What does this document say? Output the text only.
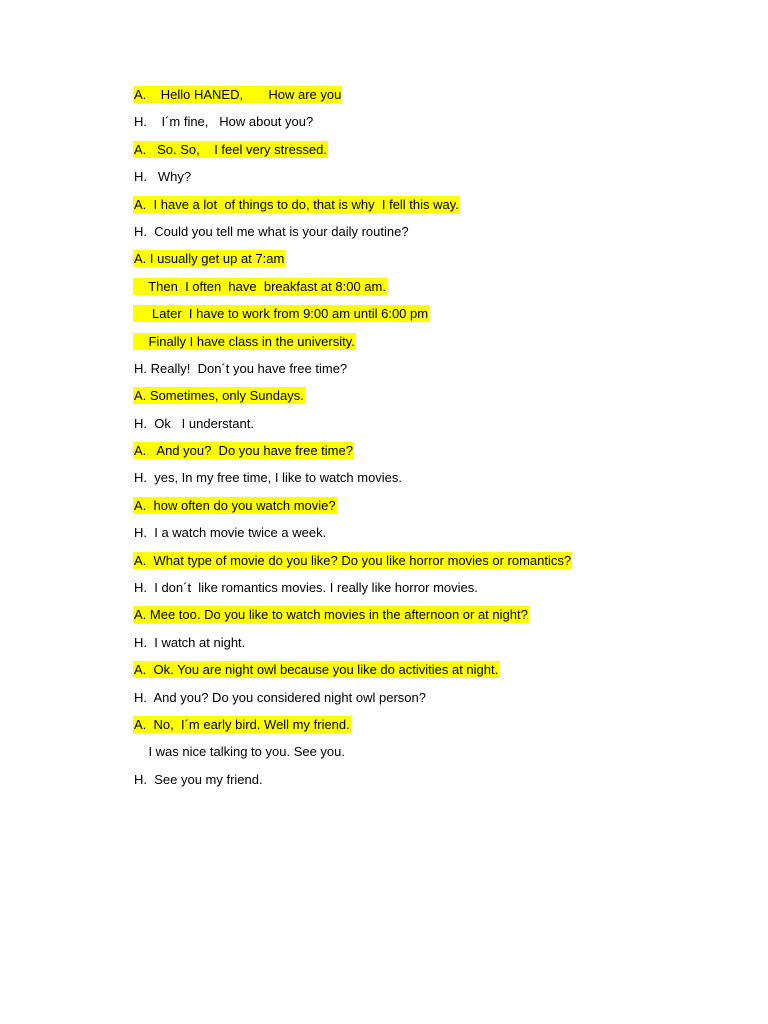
A.    Hello HANED,       How are you
H.    I´m fine,   How about you?
A.   So. So,    I feel very stressed.
H.   Why?
A.  I have a lot  of things to do, that is why  I fell this way.
H.  Could you tell me what is your daily routine?
A. I usually get up at 7:am
Then  I often  have  breakfast at 8:00 am.
Later  I have to work from 9:00 am until 6:00 pm
Finally I have class in the university.
H. Really!  Don´t you have free time?
A. Sometimes, only Sundays.
H.  Ok   I understant.
A.   And you?  Do you have free time?
H.  yes, In my free time, I like to watch movies.
A.  how often do you watch movie?
H.  I a watch movie twice a week.
A.  What type of movie do you like? Do you like horror movies or romantics?
H.  I don´t  like romantics movies. I really like horror movies.
A. Mee too. Do you like to watch movies in the afternoon or at night?
H.  I watch at night.
A.  Ok. You are night owl because you like do activities at night.
H.  And you? Do you considered night owl person?
A.  No,  I´m early bird. Well my friend.
I was nice talking to you. See you.
H.  See you my friend.
